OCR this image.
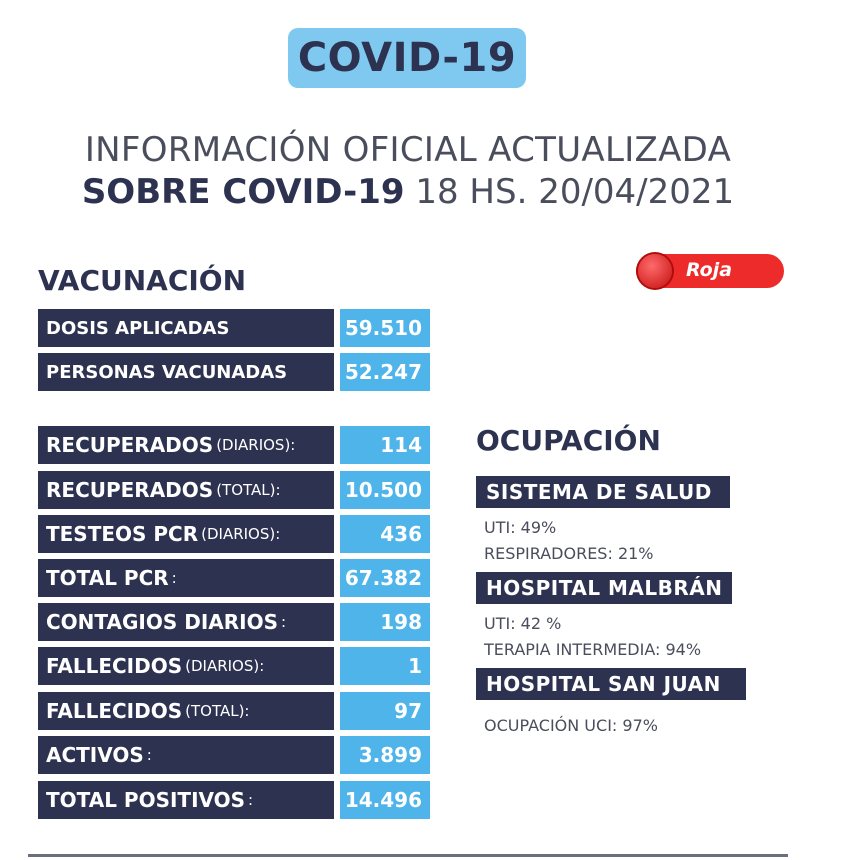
COVID-19
INFORMACIÓN OFICIAL ACTUALIZADA
SOBRE COVID-19 18 HS. 20/04/2021
Roja
VACUNACIÓN
DOSIS APLICADAS	59.510
PERSONAS VACUNADAS	52.247
RECUPERADOS (DIARIOS):	114
RECUPERADOS (TOTAL):	10.500
TESTEOS PCR (DIARIOS):	436
TOTAL PCR :	67.382
CONTAGIOS DIARIOS :	198
FALLECIDOS (DIARIOS):	1
FALLECIDOS (TOTAL):	97
ACTIVOS :	3.899
TOTAL POSITIVOS :	14.496
OCUPACIÓN
SISTEMA DE SALUD
UTI: 49%
RESPIRADORES: 21%
HOSPITAL MALBRÁN
UTI: 42 %
TERAPIA INTERMEDIA: 94%
HOSPITAL SAN JUAN
OCUPACIÓN UCI: 97%
